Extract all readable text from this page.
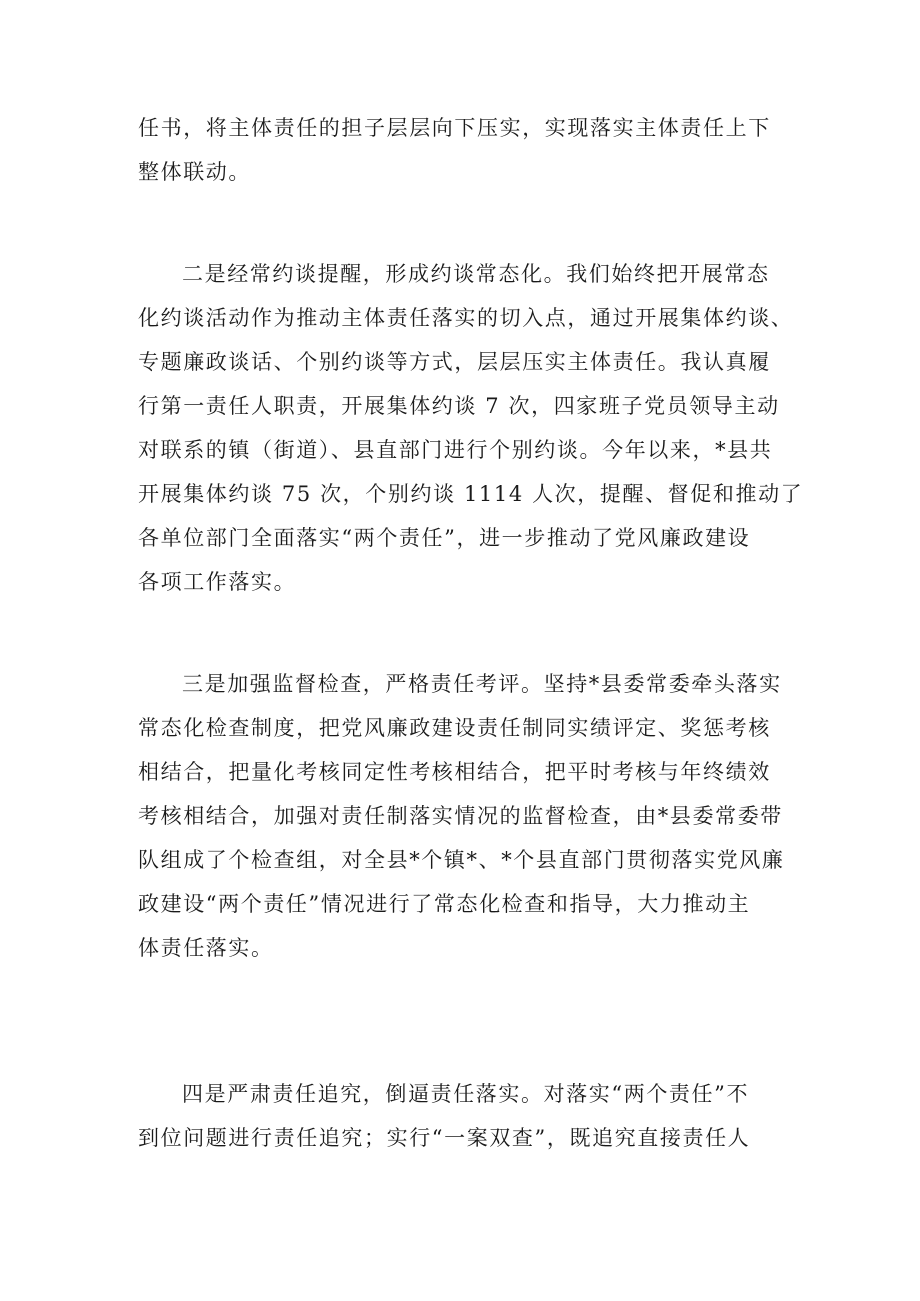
任书，将主体责任的担子层层向下压实，实现落实主体责任上下
整体联动。
二是经常约谈提醒，形成约谈常态化。我们始终把开展常态
化约谈活动作为推动主体责任落实的切入点，通过开展集体约谈、
专题廉政谈话、个别约谈等方式，层层压实主体责任。我认真履
行第一责任人职责，开展集体约谈 7 次，四家班子党员领导主动
对联系的镇（街道）、县直部门进行个别约谈。今年以来，*县共
开展集体约谈 75 次，个别约谈 1114 人次，提醒、督促和推动了
各单位部门全面落实“两个责任”，进一步推动了党风廉政建设
各项工作落实。
三是加强监督检查，严格责任考评。坚持*县委常委牵头落实
常态化检查制度，把党风廉政建设责任制同实绩评定、奖惩考核
相结合，把量化考核同定性考核相结合，把平时考核与年终绩效
考核相结合，加强对责任制落实情况的监督检查，由*县委常委带
队组成了个检查组，对全县*个镇*、*个县直部门贯彻落实党风廉
政建设“两个责任”情况进行了常态化检查和指导，大力推动主
体责任落实。
四是严肃责任追究，倒逼责任落实。对落实“两个责任”不
到位问题进行责任追究；实行“一案双查”，既追究直接责任人
